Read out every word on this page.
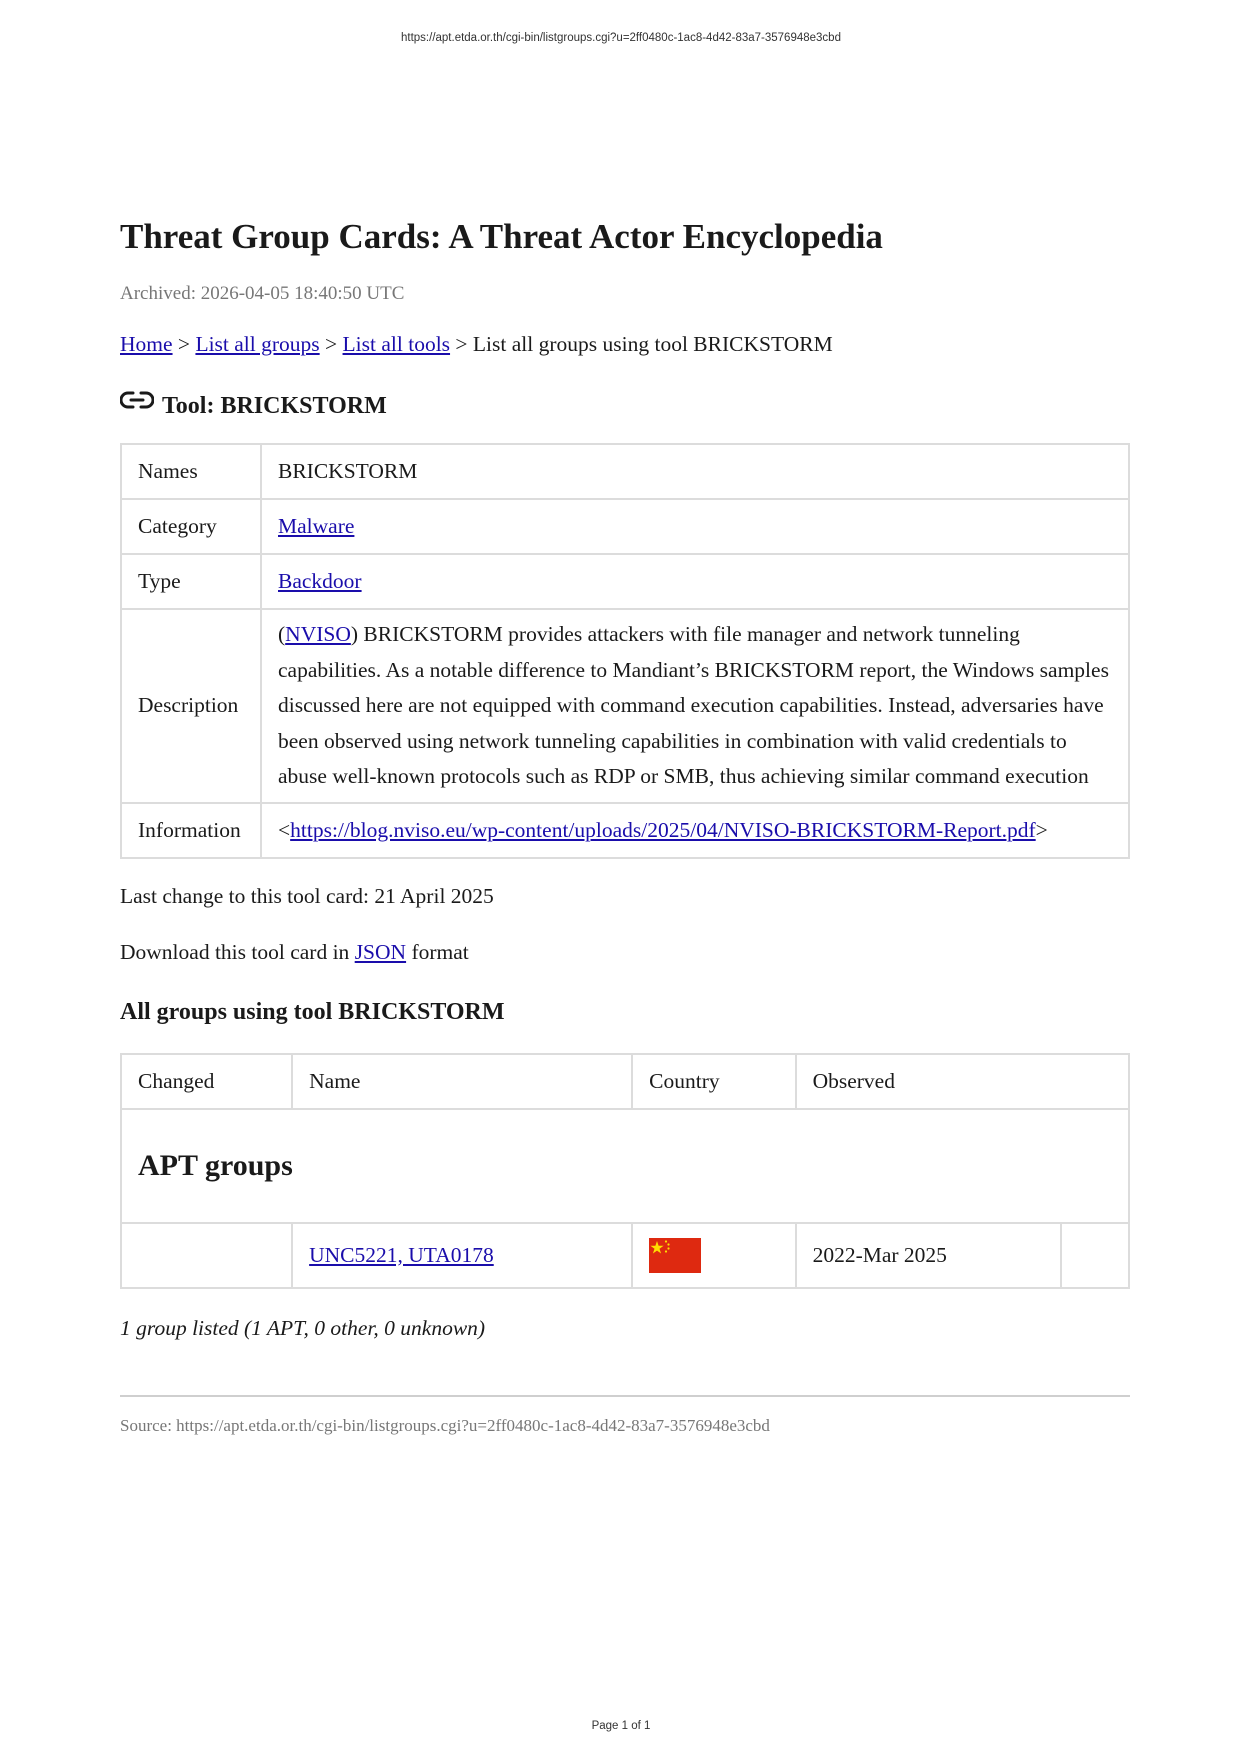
https://apt.etda.or.th/cgi-bin/listgroups.cgi?u=2ff0480c-1ac8-4d42-83a7-3576948e3cbd
Threat Group Cards: A Threat Actor Encyclopedia
Archived: 2026-04-05 18:40:50 UTC
Home > List all groups > List all tools > List all groups using tool BRICKSTORM
Tool: BRICKSTORM
Names	BRICKSTORM
Category	Malware
Type	Backdoor
Description	(NVISO) BRICKSTORM provides attackers with file manager and network tunneling capabilities. As a notable difference to Mandiant’s BRICKSTORM report, the Windows samples discussed here are not equipped with command execution capabilities. Instead, adversaries have been observed using network tunneling capabilities in combination with valid credentials to abuse well-known protocols such as RDP or SMB, thus achieving similar command execution
Information	<https://blog.nviso.eu/wp-content/uploads/2025/04/NVISO-BRICKSTORM-Report.pdf>
Last change to this tool card: 21 April 2025
Download this tool card in JSON format
All groups using tool BRICKSTORM
Changed	Name	Country	Observed	
APT groups				
	UNC5221, UTA0178		2022-Mar 2025	
1 group listed (1 APT, 0 other, 0 unknown)
Source: https://apt.etda.or.th/cgi-bin/listgroups.cgi?u=2ff0480c-1ac8-4d42-83a7-3576948e3cbd
Page 1 of 1
